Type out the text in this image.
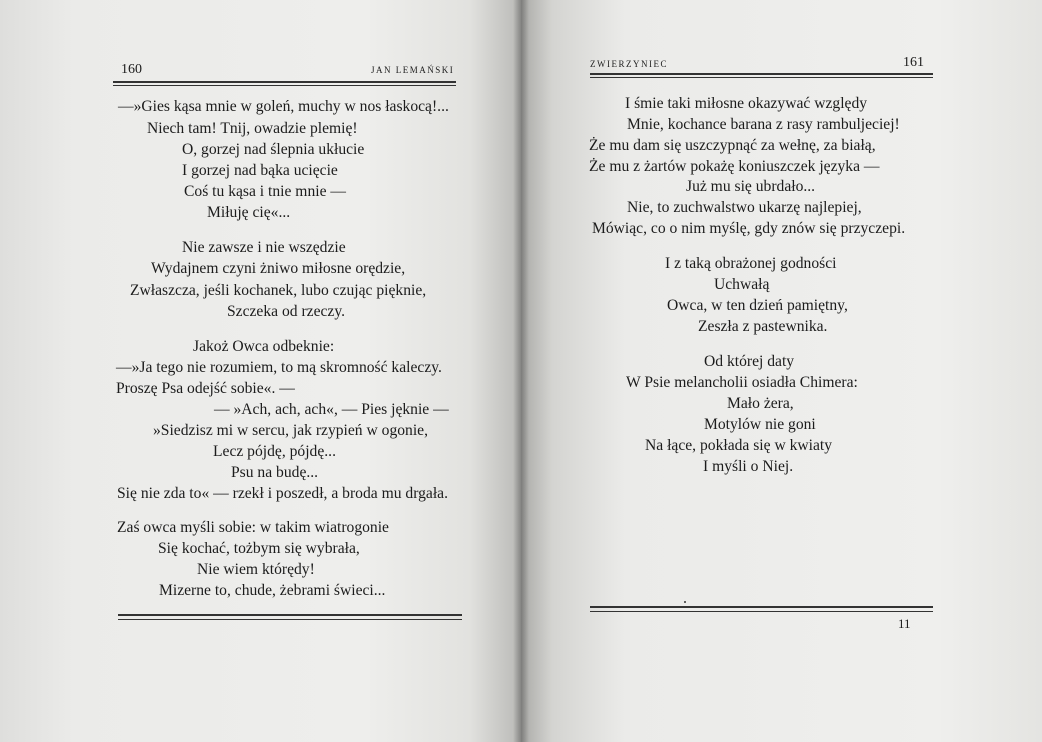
160	JAN LEMAŃSKI
—»Gies kąsa mnie w goleń, muchy w nos łaskocą!...
Niech tam! Tnij, owadzie plemię!
O, gorzej nad ślepnia ukłucie
I gorzej nad bąka ucięcie
Coś tu kąsa i tnie mnie —
Miłuję cię«...
Nie zawsze i nie wszędzie
Wydajnem czyni żniwo miłosne orędzie,
Zwłaszcza, jeśli kochanek, lubo czując pięknie,
Szczeka od rzeczy.
Jakoż Owca odbeknie:
—»Ja tego nie rozumiem, to mą skromność kaleczy.
Proszę Psa odejść sobie«. —
— »Ach, ach, ach«, — Pies jęknie —
»Siedzisz mi w sercu, jak rzypień w ogonie,
Lecz pójdę, pójdę...
Psu na budę...
Się nie zda to« — rzekł i poszedł, a broda mu drgała.
Zaś owca myśli sobie: w takim wiatrogonie
Się kochać, tożbym się wybrała,
Nie wiem którędy!
Mizerne to, chude, żebrami świeci...
ZWIERZYNIEC	161
I śmie taki miłosne okazywać względy
Mnie, kochance barana z rasy rambuljeciej!
Że mu dam się uszczypnąć za wełnę, za białą,
Że mu z żartów pokażę koniuszczek języka —
Już mu się ubrdało...
Nie, to zuchwalstwo ukarzę najlepiej,
Mówiąc, co o nim myślę, gdy znów się przyczepi.
I z taką obrażonej godności
Uchwałą
Owca, w ten dzień pamiętny,
Zeszła z pastewnika.
Od której daty
W Psie melancholii osiadła Chimera:
Mało żera,
Motylów nie goni
Na łące, pokłada się w kwiaty
I myśli o Niej.
11
